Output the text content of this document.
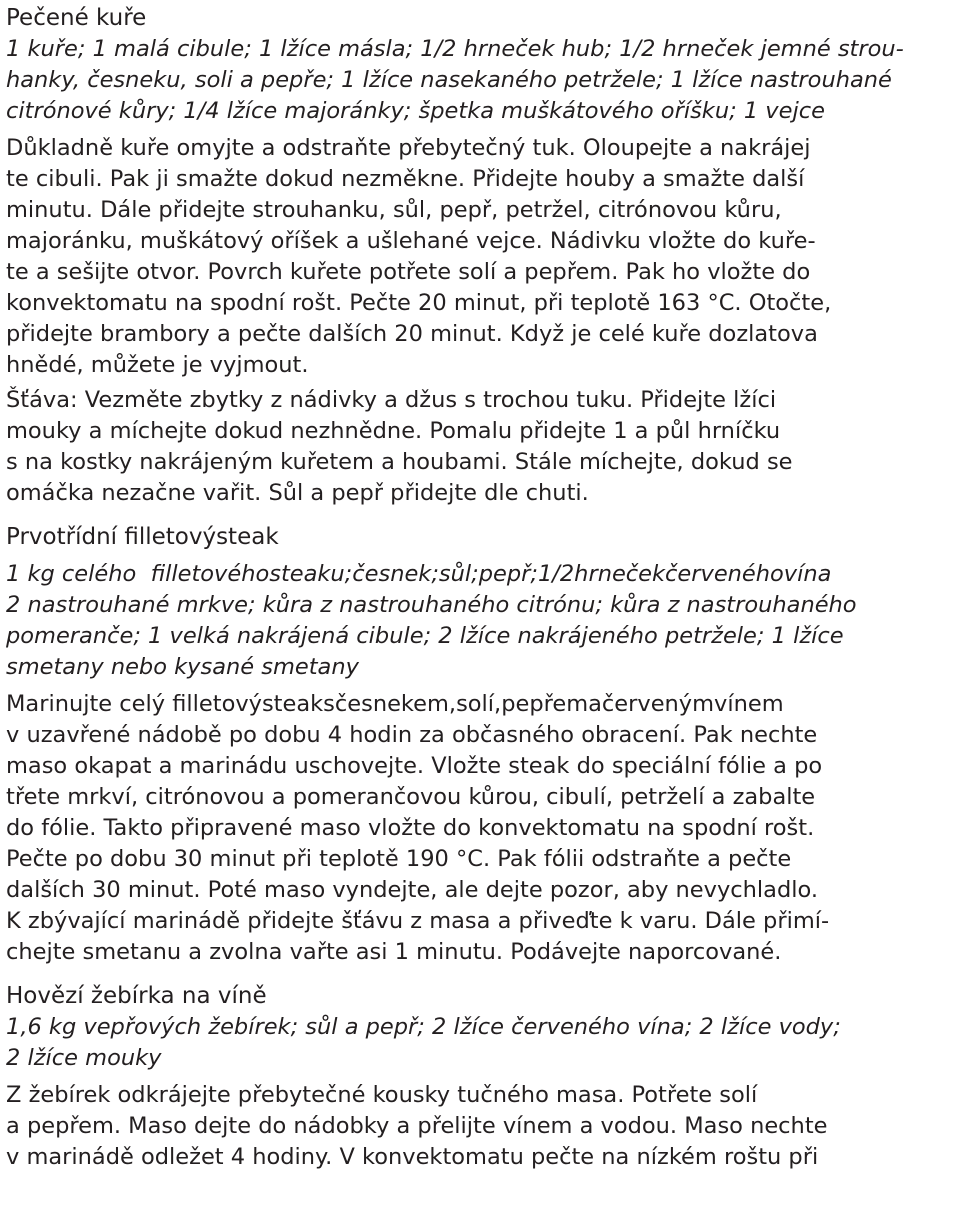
Pečené kuře
1 kuře; 1 malá cibule; 1 lžíce másla; 1/2 hrneček hub; 1/2 hrneček jemné strou-
hanky, česneku, soli a pepře; 1 lžíce nasekaného petržele; 1 lžíce nastrouhané
citrónové kůry; 1/4 lžíce majoránky; špetka muškátového oříšku; 1 vejce
Důkladně kuře omyjte a odstraňte přebytečný tuk. Oloupejte a nakrájej
te cibuli. Pak ji smažte dokud nezměkne. Přidejte houby a smažte další
minutu. Dále přidejte strouhanku, sůl, pepř, petržel, citrónovou kůru,
majoránku, muškátový oříšek a ušlehané vejce. Nádivku vložte do kuře-
te a sešijte otvor. Povrch kuřete potřete solí a pepřem. Pak ho vložte do
konvektomatu na spodní rošt. Pečte 20 minut, při teplotě 163 °C. Otočte,
přidejte brambory a pečte dalších 20 minut. Když je celé kuře dozlatova
hnědé, můžete je vyjmout.
Šťáva: Vezměte zbytky z nádivky a džus s trochou tuku. Přidejte lžíci
mouky a míchejte dokud nezhnědne. Pomalu přidejte 1 a půl hrníčku
s na kostky nakrájeným kuřetem a houbami. Stále míchejte, dokud se
omáčka nezačne vařit. Sůl a pepř přidejte dle chuti.
Prvotřídní filletovýsteak
1 kg celého  filletovéhosteaku;česnek;sůl;pepř;1/2hrnečekčervenéhovína
2 nastrouhané mrkve; kůra z nastrouhaného citrónu; kůra z nastrouhaného
pomeranče; 1 velká nakrájená cibule; 2 lžíce nakrájeného petržele; 1 lžíce
smetany nebo kysané smetany
Marinujte celý filletovýsteaksčesnekem,solí,pepřemačervenýmvínem
v uzavřené nádobě po dobu 4 hodin za občasného obracení. Pak nechte
maso okapat a marinádu uschovejte. Vložte steak do speciální fólie a po
třete mrkví, citrónovou a pomerančovou kůrou, cibulí, petrželí a zabalte
do fólie. Takto připravené maso vložte do konvektomatu na spodní rošt.
Pečte po dobu 30 minut při teplotě 190 °C. Pak fólii odstraňte a pečte
dalších 30 minut. Poté maso vyndejte, ale dejte pozor, aby nevychladlo.
K zbývající marinádě přidejte šťávu z masa a přiveďte k varu. Dále přimí-
chejte smetanu a zvolna vařte asi 1 minutu. Podávejte naporcované.
Hovězí žebírka na víně
1,6 kg vepřových žebírek; sůl a pepř; 2 lžíce červeného vína; 2 lžíce vody;
2 lžíce mouky
Z žebírek odkrájejte přebytečné kousky tučného masa. Potřete solí
a pepřem. Maso dejte do nádobky a přelijte vínem a vodou. Maso nechte
v marinádě odležet 4 hodiny. V konvektomatu pečte na nízkém roštu při
